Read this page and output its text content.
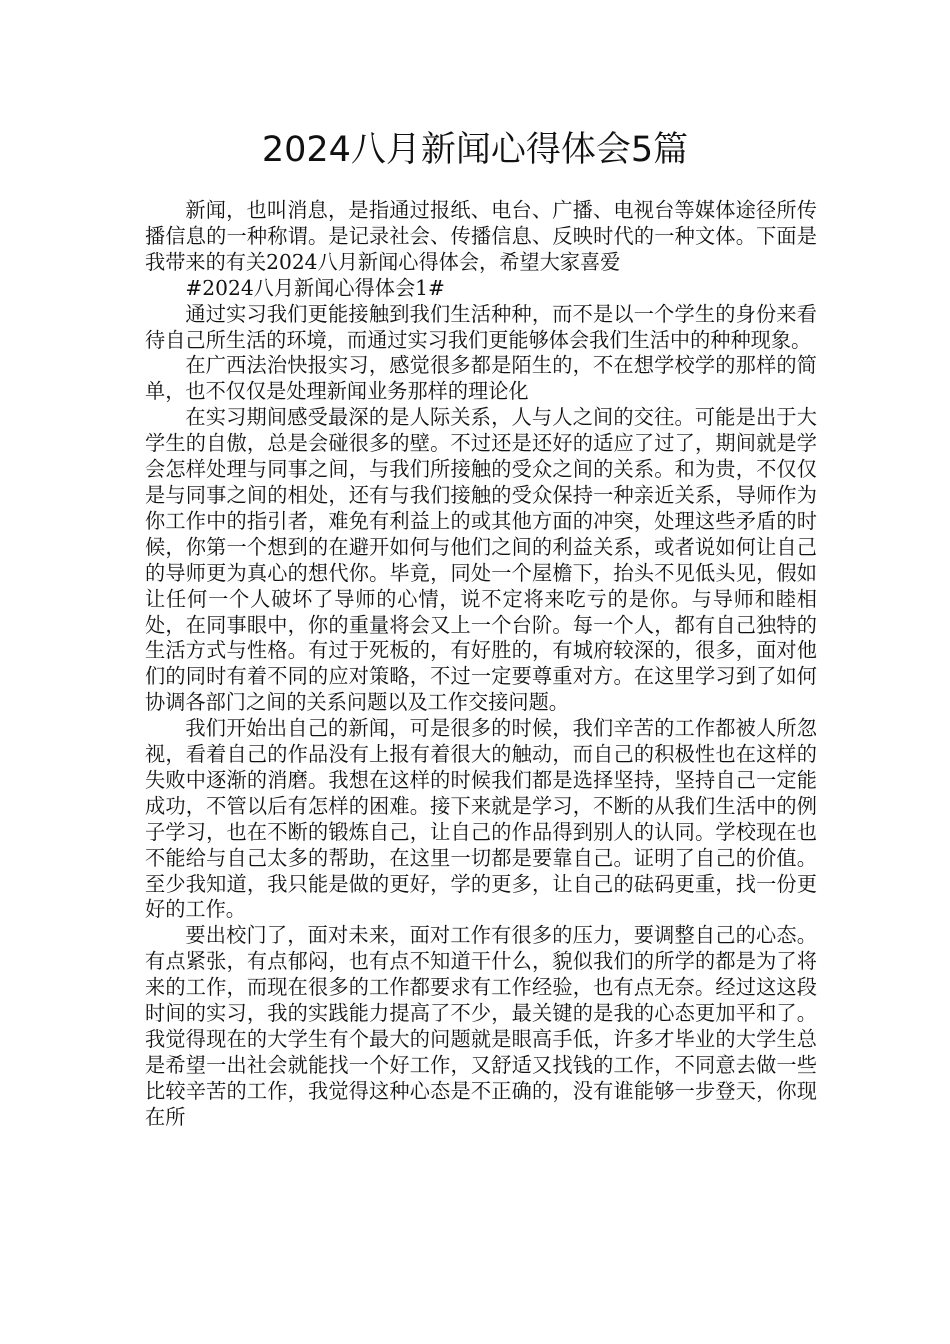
2024八月新闻心得体会5篇

新闻，也叫消息，是指通过报纸、电台、广播、电视台等媒体途径所传播信息的一种称谓。是记录社会、传播信息、反映时代的一种文体。下面是我带来的有关2024八月新闻心得体会，希望大家喜爱

#2024八月新闻心得体会1#

通过实习我们更能接触到我们生活种种，而不是以一个学生的身份来看待自己所生活的环境，而通过实习我们更能够体会我们生活中的种种现象。

在广西法治快报实习，感觉很多都是陌生的，不在想学校学的那样的简单，也不仅仅是处理新闻业务那样的理论化

在实习期间感受最深的是人际关系，人与人之间的交往。可能是出于大学生的自傲，总是会碰很多的壁。不过还是还好的适应了过了，期间就是学会怎样处理与同事之间，与我们所接触的受众之间的关系。和为贵，不仅仅是与同事之间的相处，还有与我们接触的受众保持一种亲近关系，导师作为你工作中的指引者，难免有利益上的或其他方面的冲突，处理这些矛盾的时候，你第一个想到的在避开如何与他们之间的利益关系，或者说如何让自己的导师更为真心的想代你。毕竟，同处一个屋檐下，抬头不见低头见，假如让任何一个人破坏了导师的心情，说不定将来吃亏的是你。与导师和睦相处，在同事眼中，你的重量将会又上一个台阶。每一个人，都有自己独特的生活方式与性格。有过于死板的，有好胜的，有城府较深的，很多，面对他们的同时有着不同的应对策略，不过一定要尊重对方。在这里学习到了如何协调各部门之间的关系问题以及工作交接问题。

我们开始出自己的新闻，可是很多的时候，我们辛苦的工作都被人所忽视，看着自己的作品没有上报有着很大的触动，而自己的积极性也在这样的失败中逐渐的消磨。我想在这样的时候我们都是选择坚持，坚持自己一定能成功，不管以后有怎样的困难。接下来就是学习，不断的从我们生活中的例子学习，也在不断的锻炼自己，让自己的作品得到别人的认同。学校现在也不能给与自己太多的帮助，在这里一切都是要靠自己。证明了自己的价值。至少我知道，我只能是做的更好，学的更多，让自己的砝码更重，找一份更好的工作。

要出校门了，面对未来，面对工作有很多的压力，要调整自己的心态。有点紧张，有点郁闷，也有点不知道干什么，貌似我们的所学的都是为了将来的工作，而现在很多的工作都要求有工作经验，也有点无奈。经过这这段时间的实习，我的实践能力提高了不少，最关键的是我的心态更加平和了。我觉得现在的大学生有个最大的问题就是眼高手低，许多才毕业的大学生总是希望一出社会就能找一个好工作，又舒适又找钱的工作，不同意去做一些比较辛苦的工作，我觉得这种心态是不正确的，没有谁能够一步登天，你现在所
